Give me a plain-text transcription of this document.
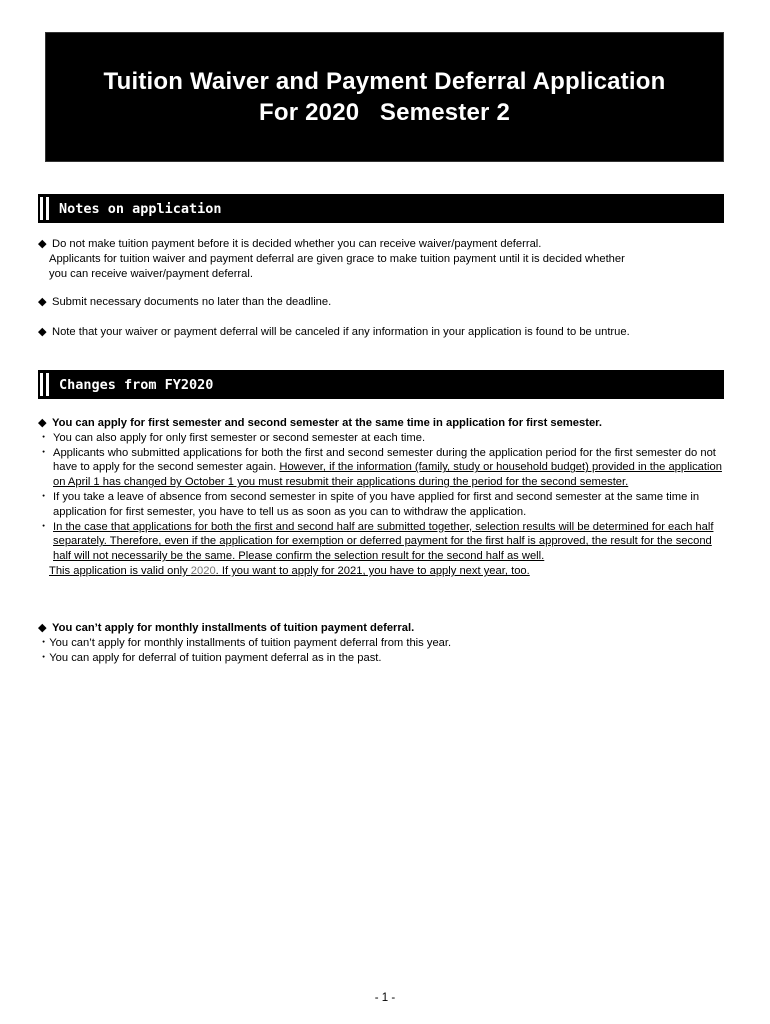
Tuition Waiver and Payment Deferral Application
For 2020   Semester 2
Notes on application
◆ Do not make tuition payment before it is decided whether you can receive waiver/payment deferral.
Applicants for tuition waiver and payment deferral are given grace to make tuition payment until it is decided whether
you can receive waiver/payment deferral.
◆ Submit necessary documents no later than the deadline.
◆ Note that your waiver or payment deferral will be canceled if any information in your application is found to be untrue.
Changes from FY2020
◆ You can apply for first semester and second semester at the same time in application for first semester.
・ You can also apply for only first semester or second semester at each time.
・ Applicants who submitted applications for both the first and second semester during the application period for the first semester do not have to apply for the second semester again. However, if the information (family, study or household budget) provided in the application on April 1 has changed by October 1 you must resubmit their applications during the period for the second semester.
・ If you take a leave of absence from second semester in spite of you have applied for first and second semester at the same time in application for first semester, you have to tell us as soon as you can to withdraw the application.
・ In the case that applications for both the first and second half are submitted together, selection results will be determined for each half separately. Therefore, even if the application for exemption or deferred payment for the first half is approved, the result for the second half will not necessarily be the same. Please confirm the selection result for the second half as well.
This application is valid only 2020. If you want to apply for 2021, you have to apply next year, too.
◆ You can’t apply for monthly installments of tuition payment deferral.
・You can’t apply for monthly installments of tuition payment deferral from this year.
・You can apply for deferral of tuition payment deferral as in the past.
- 1 -
